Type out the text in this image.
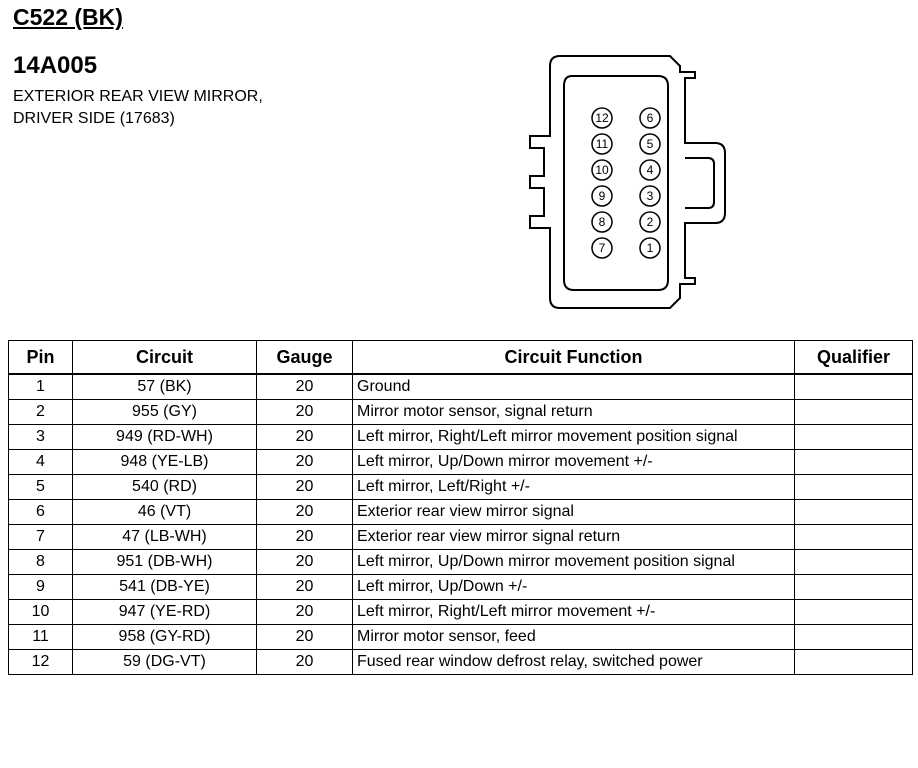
C522 (BK)
14A005
EXTERIOR REAR VIEW MIRROR,
DRIVER SIDE (17683)	12
11
10
9
8
7
6
5
4
3
2
1
Pin	Circuit	Gauge	Circuit Function	Qualifier
1	57 (BK)	20	Ground	
2	955 (GY)	20	Mirror motor sensor, signal return	
3	949 (RD-WH)	20	Left mirror, Right/Left mirror movement position signal	
4	948 (YE-LB)	20	Left mirror, Up/Down mirror movement +/-	
5	540 (RD)	20	Left mirror, Left/Right +/-	
6	46 (VT)	20	Exterior rear view mirror signal	
7	47 (LB-WH)	20	Exterior rear view mirror signal return	
8	951 (DB-WH)	20	Left mirror, Up/Down mirror movement position signal	
9	541 (DB-YE)	20	Left mirror, Up/Down +/-	
10	947 (YE-RD)	20	Left mirror, Right/Left mirror movement +/-	
11	958 (GY-RD)	20	Mirror motor sensor, feed	
12	59 (DG-VT)	20	Fused rear window defrost relay, switched power	
